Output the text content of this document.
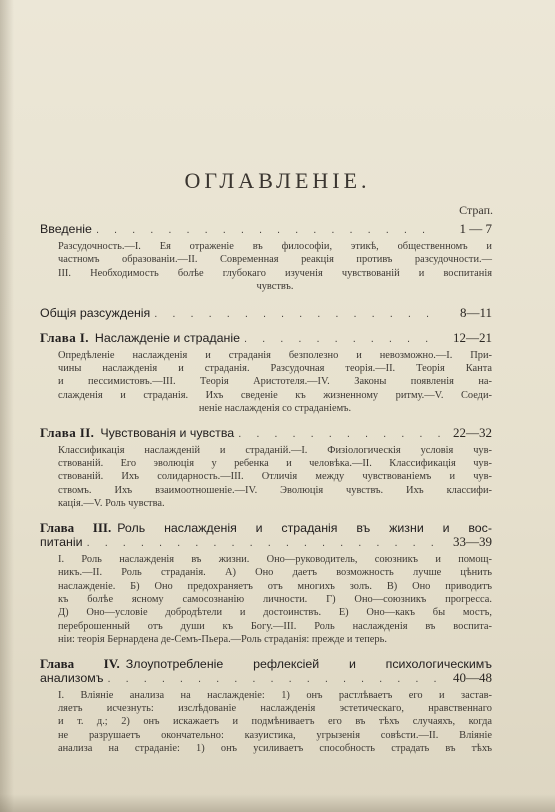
ОГЛАВЛЕНІЕ.
Страп.
Введеніе . . .	1 — 7
Разсудочность.—I. Ея отраженіе въ философіи, этикѣ, общественномъ и
частномъ образованіи.—II. Современная реакція противъ разсудочности.—
III. Необходимость болѣе глубокаго изученія чувствованій и воспитанія
чувствъ.
Общія разсужденія . . .	8—11
Глава I. Наслажденіе и страданіе . . .	12—21
Опредѣленіе наслажденія и страданія безполезно и невозможно.—I. При-
чины наслажденія и страданія. Разсудочная теорія.—II. Теорія Канта
и пессимистовъ.—III. Теорія Аристотеля.—IV. Законы появленія на-
слажденія и страданія. Ихъ сведеніе къ жизненному ритму.—V. Соеди-
неніе наслажденія со страданіемъ.
Глава II. Чувствованія и чувства . . .	22—32
Классификація наслажденій и страданій.—I. Физіологическія условія чув-
ствованій. Его эволюція у ребенка и человѣка.—II. Классификація чув-
ствованій. Ихъ солидарность.—III. Отличія между чувствованіемъ и чув-
ствомъ. Ихъ взаимоотношеніе.—IV. Эволюція чувствъ. Ихъ классифи-
кація.—V. Роль чувства.
Глава III. Роль наслажденія и страданія въ жизни и вос-
питаніи . . .	33—39
I. Роль наслажденія въ жизни. Оно—руководитель, союзникъ и помощ-
никъ.—II. Роль страданія. А) Оно даетъ возможность лучше цѣнить
наслажденіе. Б) Оно предохраняетъ отъ многихъ золъ. В) Оно приводитъ
къ болѣе ясному самосознанію личности. Г) Оно—союзникъ прогресса.
Д) Оно—условіе добродѣтели и достоинствъ. Е) Оно—какъ бы мостъ,
переброшенный отъ души къ Богу.—III. Роль наслажденія въ воспита-
ніи: теорія Бернардена де-Семъ-Пьера.—Роль страданія: прежде и теперь.
Глава IV. Злоупотребленіе рефлексіей и психологическимъ
анализомъ . . .	40—48
I. Вліяніе анализа на наслажденіе: 1) онъ растлѣваетъ его и застав-
ляетъ исчезнуть: изслѣдованіе наслажденія эстетическаго, нравственнаго
и т. д.; 2) онъ искажаетъ и подмѣниваетъ его въ тѣхъ случаяхъ, когда
не разрушаетъ окончательно: казуистика, угрызенія совѣсти.—II. Вліяніе
анализа на страданіе: 1) онъ усиливаетъ способность страдать въ тѣхъ
